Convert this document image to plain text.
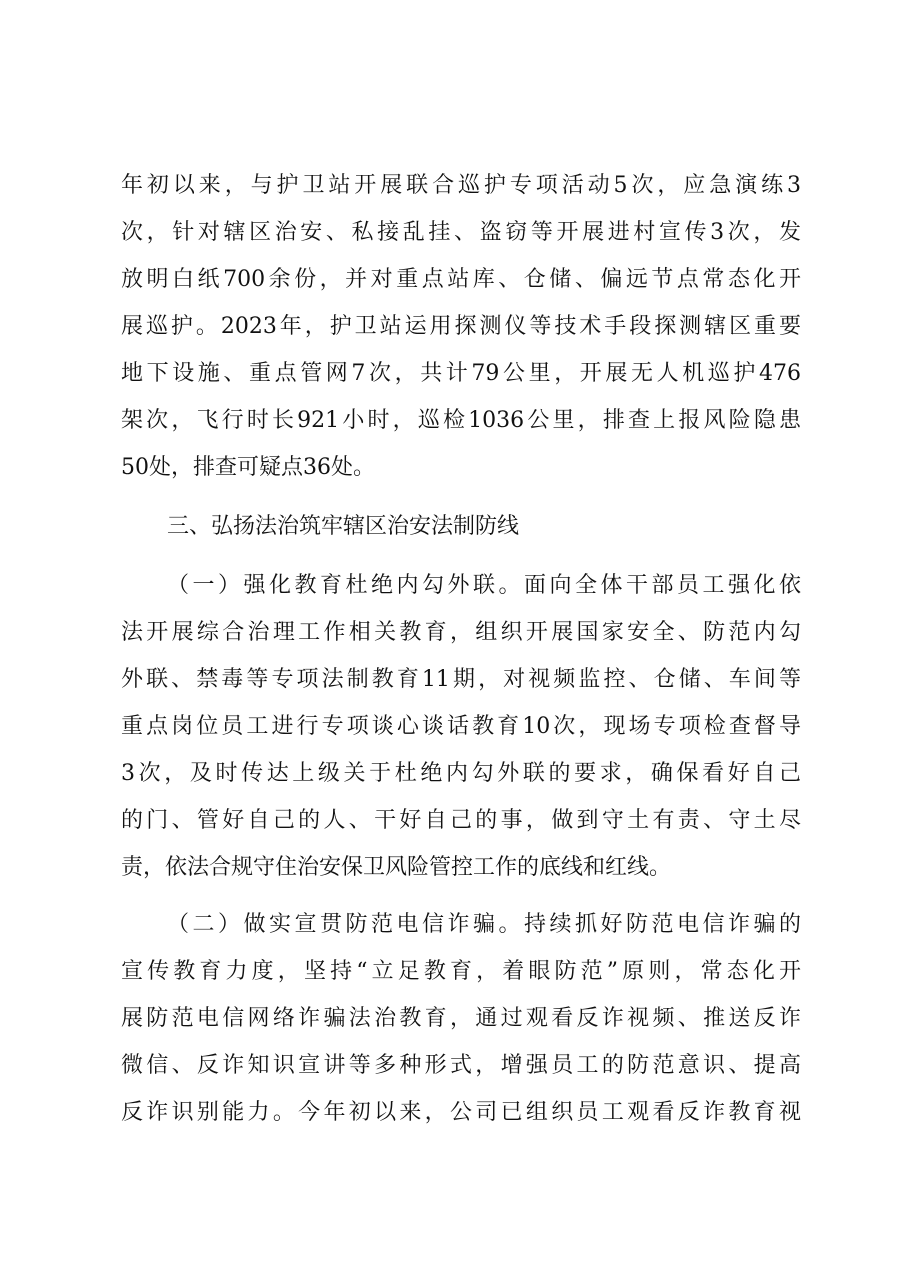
年初以来，与护卫站开展联合巡护专项活动5次，应急演练3
次，针对辖区治安、私接乱挂、盗窃等开展进村宣传3次，发
放明白纸700余份，并对重点站库、仓储、偏远节点常态化开
展巡护。2023年，护卫站运用探测仪等技术手段探测辖区重要
地下设施、重点管网7次，共计79公里，开展无人机巡护476
架次，飞行时长921小时，巡检1036公里，排查上报风险隐患
50处，排查可疑点36处。
三、弘扬法治筑牢辖区治安法制防线
（一）强化教育杜绝内勾外联。面向全体干部员工强化依
法开展综合治理工作相关教育，组织开展国家安全、防范内勾
外联、禁毒等专项法制教育11期，对视频监控、仓储、车间等
重点岗位员工进行专项谈心谈话教育10次，现场专项检查督导
3次，及时传达上级关于杜绝内勾外联的要求，确保看好自己
的门、管好自己的人、干好自己的事，做到守土有责、守土尽
责，依法合规守住治安保卫风险管控工作的底线和红线。
（二）做实宣贯防范电信诈骗。持续抓好防范电信诈骗的
宣传教育力度，坚持“立足教育，着眼防范”原则，常态化开
展防范电信网络诈骗法治教育，通过观看反诈视频、推送反诈
微信、反诈知识宣讲等多种形式，增强员工的防范意识、提高
反诈识别能力。今年初以来，公司已组织员工观看反诈教育视
